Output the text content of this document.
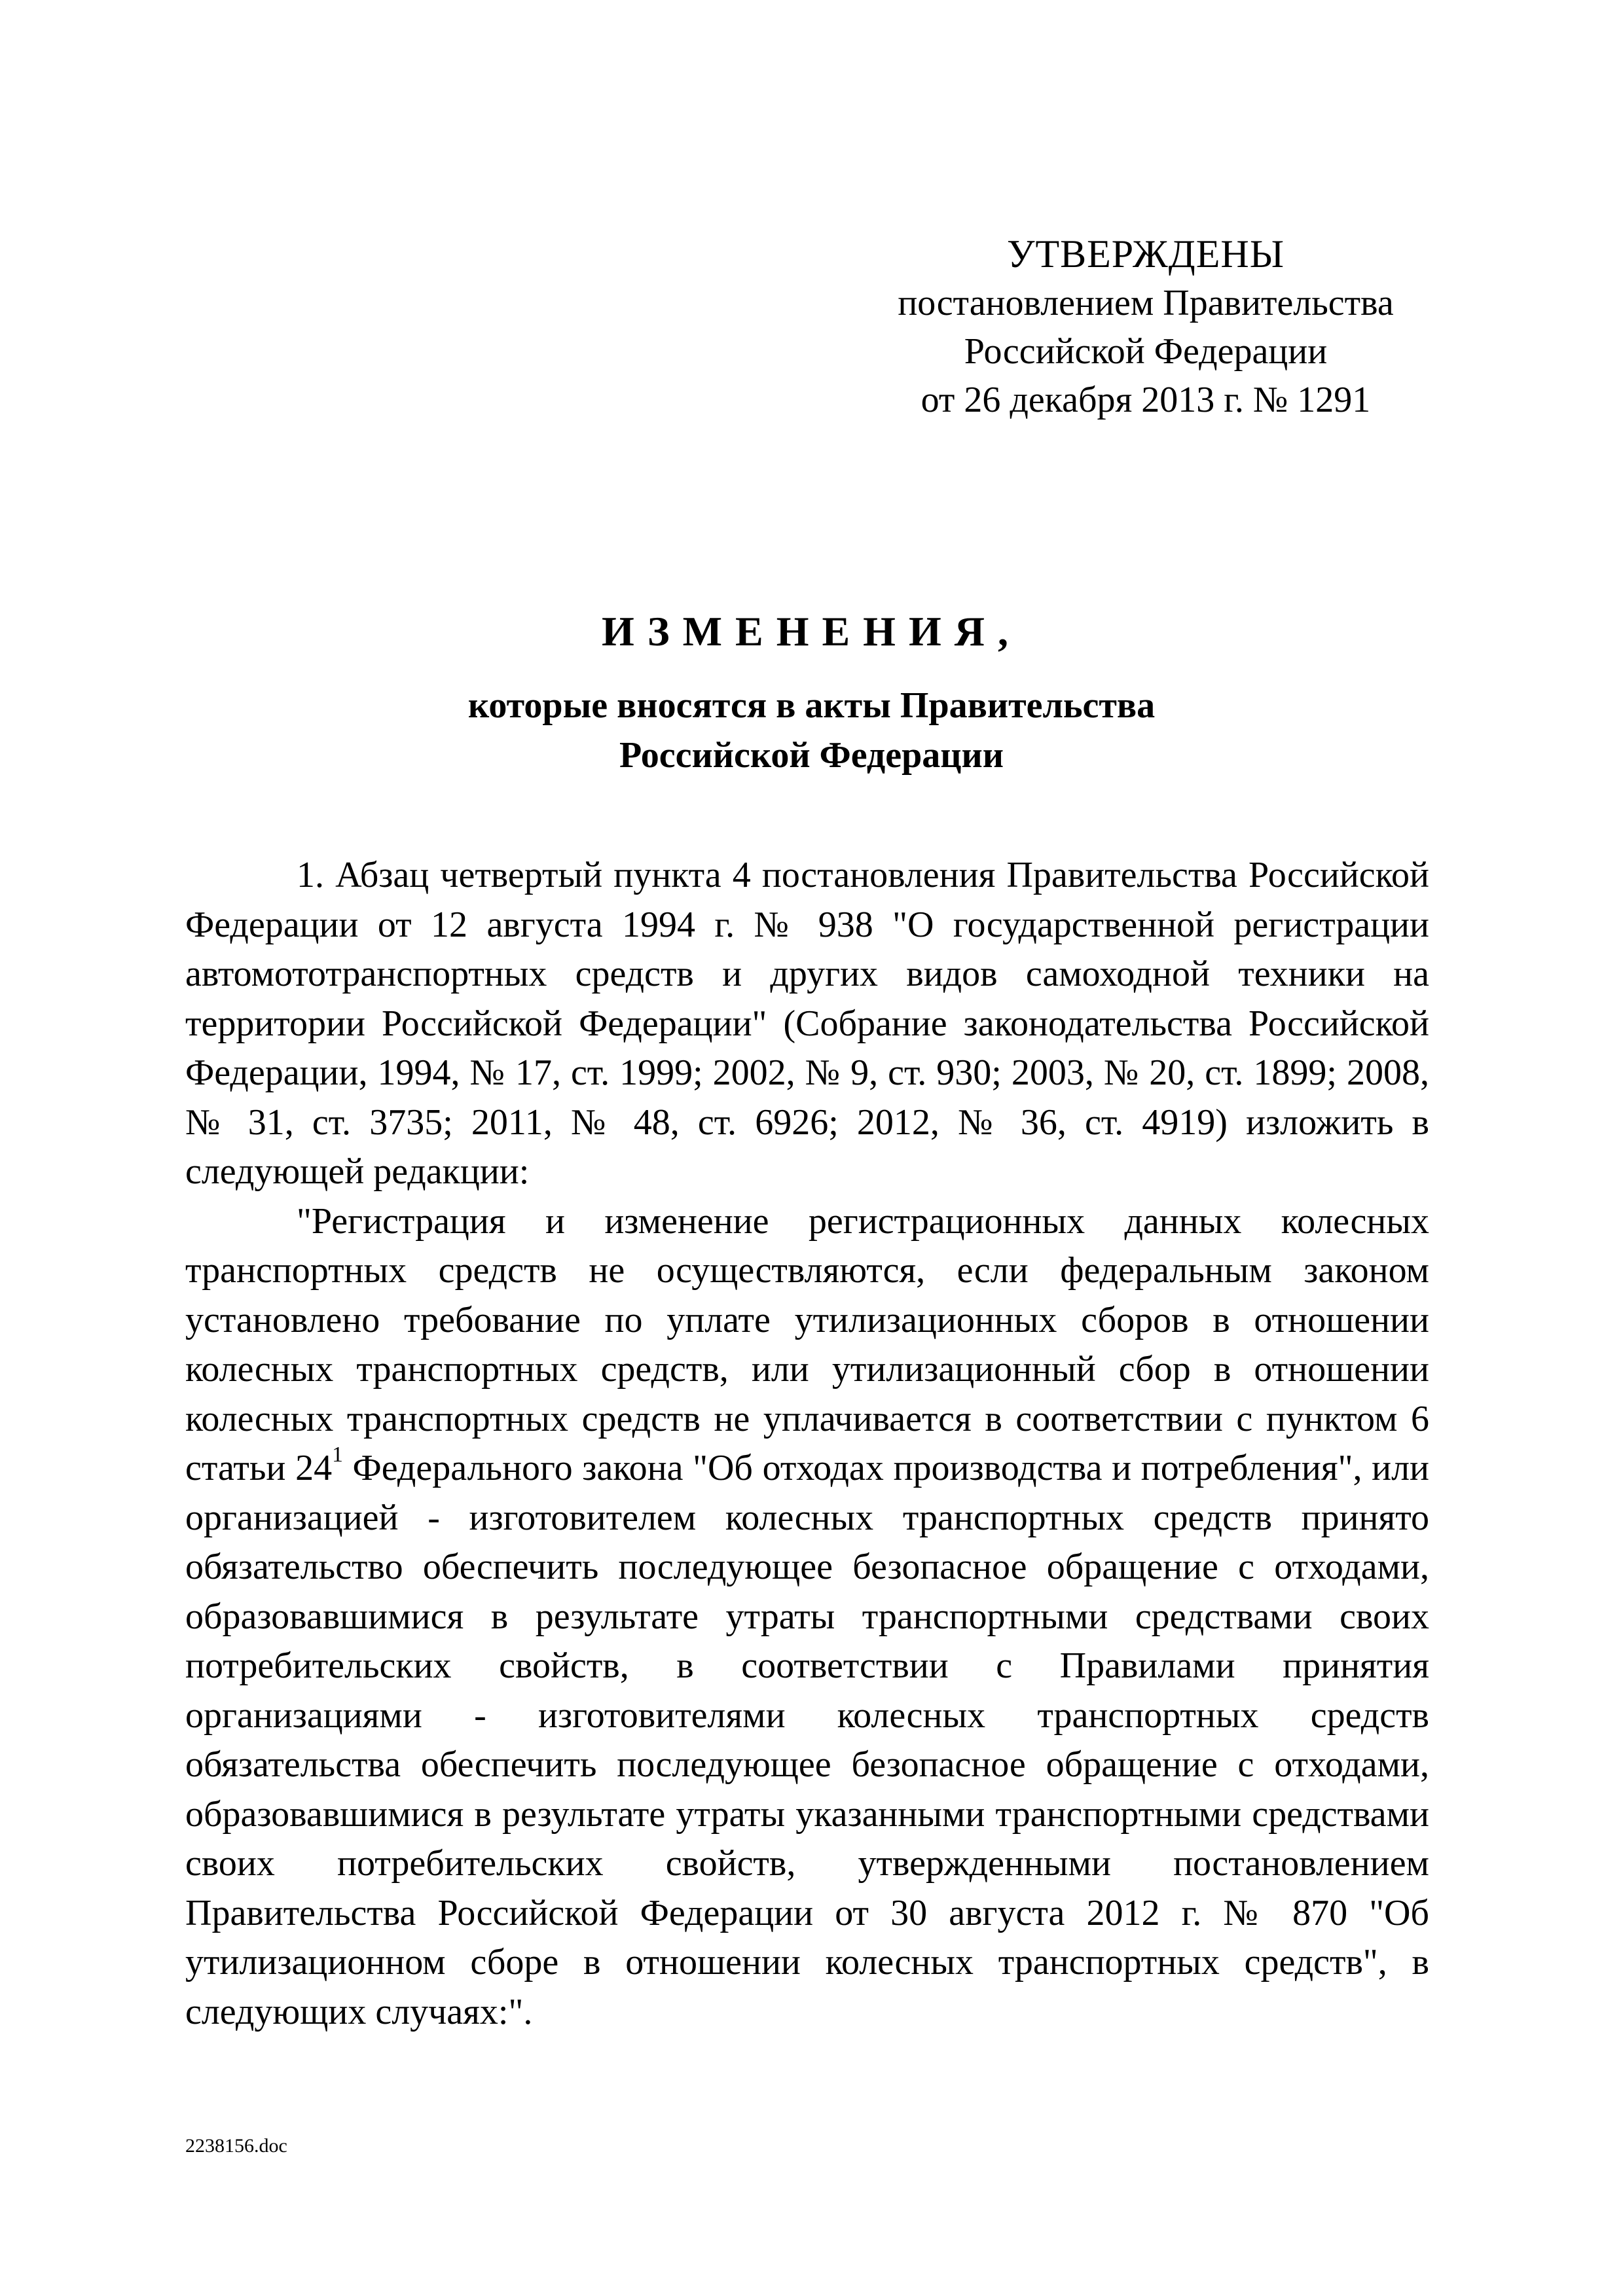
УТВЕРЖДЕНЫ
постановлением Правительства
Российской Федерации
от 26 декабря 2013 г. № 1291
ИЗМЕНЕНИЯ,
которые вносятся в акты Правительства
Российской Федерации

1. Абзац четвертый пункта 4 постановления Правительства Российской Федерации от 12 августа 1994 г. № 938 "О государственной регистрации автомототранспортных средств и других видов самоходной техники на территории Российской Федерации" (Собрание законодательства Российской Федерации, 1994, № 17, ст. 1999; 2002, № 9, ст. 930; 2003, № 20, ст. 1899; 2008, № 31, ст. 3735; 2011, № 48, ст. 6926; 2012, № 36, ст. 4919) изложить в следующей редакции:

"Регистрация и изменение регистрационных данных колесных транспортных средств не осуществляются, если федеральным законом установлено требование по уплате утилизационных сборов в отношении колесных транспортных средств, или утилизационный сбор в отношении колесных транспортных средств не уплачивается в соответствии с пунктом 6 статьи $24^1$ Федерального закона "Об отходах производства и потребления", или организацией - изготовителем колесных транспортных средств принято обязательство обеспечить последующее безопасное обращение с отходами, образовавшимися в результате утраты транспортными средствами своих потребительских свойств, в соответствии с Правилами принятия организациями - изготовителями колесных транспортных средств обязательства обеспечить последующее безопасное обращение с отходами, образовавшимися в результате утраты указанными транспортными средствами своих потребительских свойств, утвержденными постановлением Правительства Российской Федерации от 30 августа 2012 г. № 870 "Об утилизационном сборе в отношении колесных транспортных средств", в следующих случаях:".

2238156.doc
